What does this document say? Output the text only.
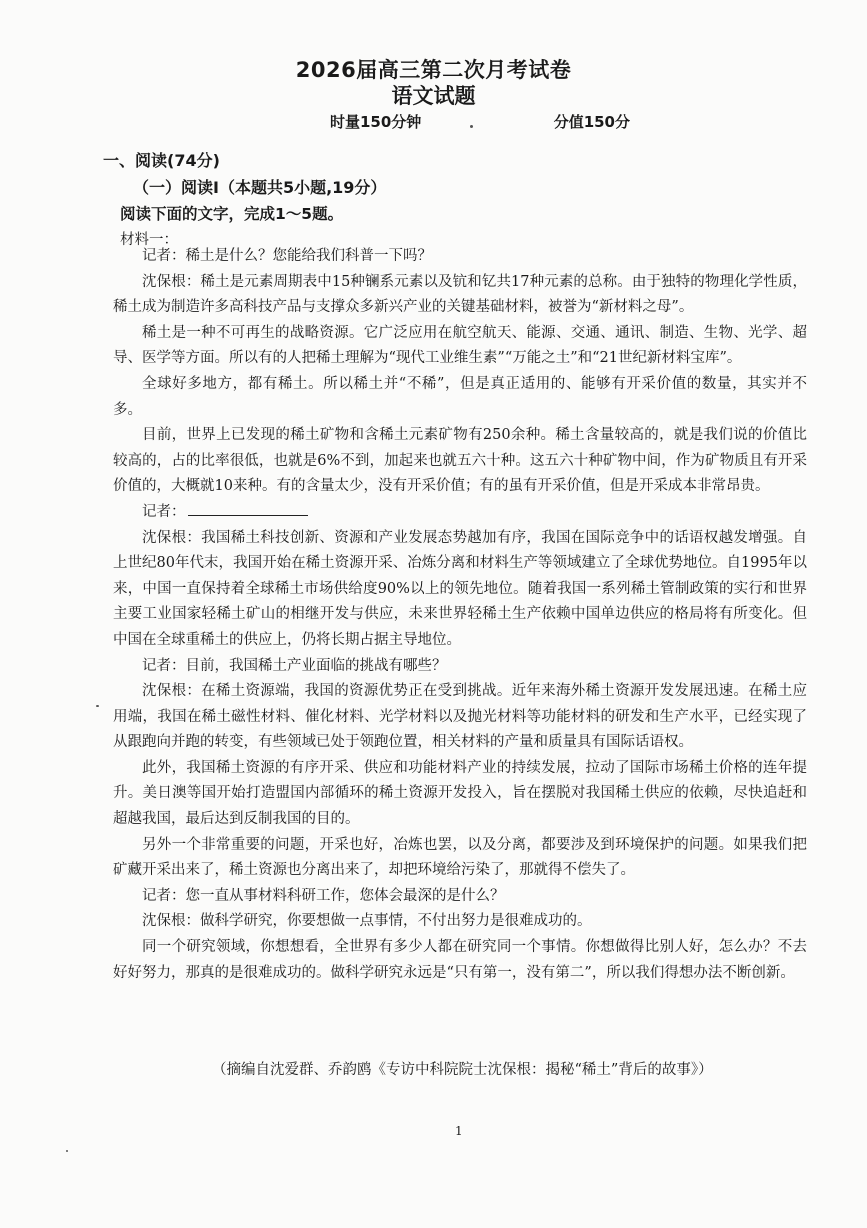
2026届高三第二次月考试卷
语文试题
时量150分钟	分值150分
一、阅读(74分)
（一）阅读Ⅰ（本题共5小题,19分）
阅读下面的文字，完成1～5题。
材料一：

记者：稀土是什么？您能给我们科普一下吗？

沈保根：稀土是元素周期表中15种镧系元素以及钪和钇共17种元素的总称。由于独特的物理化学性质，稀土成为制造许多高科技产品与支撑众多新兴产业的关键基础材料，被誉为“新材料之母”。

稀土是一种不可再生的战略资源。它广泛应用在航空航天、能源、交通、通讯、制造、生物、光学、超导、医学等方面。所以有的人把稀土理解为“现代工业维生素”“万能之土”和“21世纪新材料宝库”。

全球好多地方，都有稀土。所以稀土并“不稀”，但是真正适用的、能够有开采价值的数量，其实并不多。

目前，世界上已发现的稀土矿物和含稀土元素矿物有250余种。稀土含量较高的，就是我们说的价值比较高的，占的比率很低，也就是6%不到，加起来也就五六十种。这五六十种矿物中间，作为矿物质且有开采价值的，大概就10来种。有的含量太少，没有开采价值；有的虽有开采价值，但是开采成本非常昂贵。

记者：

沈保根：我国稀土科技创新、资源和产业发展态势越加有序，我国在国际竞争中的话语权越发增强。自上世纪80年代末，我国开始在稀土资源开采、冶炼分离和材料生产等领域建立了全球优势地位。自1995年以来，中国一直保持着全球稀土市场供给度90%以上的领先地位。随着我国一系列稀土管制政策的实行和世界主要工业国家轻稀土矿山的相继开发与供应，未来世界轻稀土生产依赖中国单边供应的格局将有所变化。但中国在全球重稀土的供应上，仍将长期占据主导地位。

记者：目前，我国稀土产业面临的挑战有哪些？

沈保根：在稀土资源端，我国的资源优势正在受到挑战。近年来海外稀土资源开发发展迅速。在稀土应用端，我国在稀土磁性材料、催化材料、光学材料以及抛光材料等功能材料的研发和生产水平，已经实现了从跟跑向并跑的转变，有些领域已处于领跑位置，相关材料的产量和质量具有国际话语权。

此外，我国稀土资源的有序开采、供应和功能材料产业的持续发展，拉动了国际市场稀土价格的连年提升。美日澳等国开始打造盟国内部循环的稀土资源开发投入，旨在摆脱对我国稀土供应的依赖，尽快追赶和超越我国，最后达到反制我国的目的。

另外一个非常重要的问题，开采也好，冶炼也罢，以及分离，都要涉及到环境保护的问题。如果我们把矿藏开采出来了，稀土资源也分离出来了，却把环境给污染了，那就得不偿失了。

记者：您一直从事材料科研工作，您体会最深的是什么？

沈保根：做科学研究，你要想做一点事情，不付出努力是很难成功的。

同一个研究领域，你想想看，全世界有多少人都在研究同一个事情。你想做得比别人好，怎么办？不去好好努力，那真的是很难成功的。做科学研究永远是“只有第一，没有第二”，所以我们得想办法不断创新。

（摘编自沈爱群、乔韵鸥《专访中科院院士沈保根：揭秘“稀土”背后的故事》）
1
